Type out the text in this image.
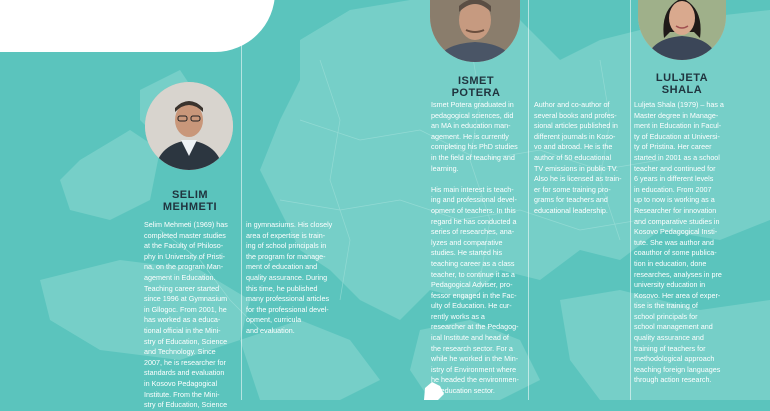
SELIM
MEHMETI

Selim Mehmeti (1969) has
completed master studies
at the Faculty of Philoso-
phy in University of Pristi-
na, on the program Man-
agement in Education.
Teaching career started
since 1996 at Gymnasium
in Gllogoc. From 2001, he
has worked as a educa-
tional official in the Mini-
stry of Education, Science
and Technology. Since
2007, he is researcher for
standards and evaluation
in Kosovo Pedagogical
Institute. From the Mini-
stry of Education, Science

in gymnasiums. His closely
area of expertise is train-
ing of school principals in
the program for manage-
ment of education and
quality assurance. During
this time, he published
many professional articles
for the professional devel-
opment, curricula
and evaluation.

ISMET
POTERA

Ismet Potera graduated in
pedagogical sciences, did
an MA in education man-
agement. He is currently
completing his PhD studies
in the field of teaching and
learning.

His main interest is teach-
ing and professional devel-
opment of teachers. In this
regard he has conducted a
series of researches, ana-
lyzes and comparative
studies. He started his
teaching career as a class
teacher, to continue it as a
Pedagogical Adviser, pro-
fessor engaged in the Fac-
ulty of Education. He cur-
rently works as a
researcher at the Pedagog-
ical Institute and head of
the research sector. For a
while he worked in the Min-
istry of Environment where
he headed the environmen-
tal education sector.

Author and co-author of
several books and profes-
sional articles published in
different journals in Koso-
vo and abroad. He is the
author of 50 educational
TV emissions in public TV.
Also he is licensed as train-
er for some training pro-
grams for teachers and
educational leadership.

LULJETA
SHALA

Luljeta Shala (1979) – has a
Master degree in Manage-
ment in Education in Facul-
ty of Education at Universi-
ty of Pristina. Her career
started in 2001 as a school
teacher and continued for
6 years in different levels
in education. From 2007
up to now is working as a
Researcher for innovation
and comparative studies in
Kosovo Pedagogical Insti-
tute. She was author and
coauthor of some publica-
tion in education, done
researches, analyses in pre
university education in
Kosovo. Her area of exper-
tise is the training of
school principals for
school management and
quality assurance and
training of teachers for
methodological approach
teaching foreign languages
through action research.
